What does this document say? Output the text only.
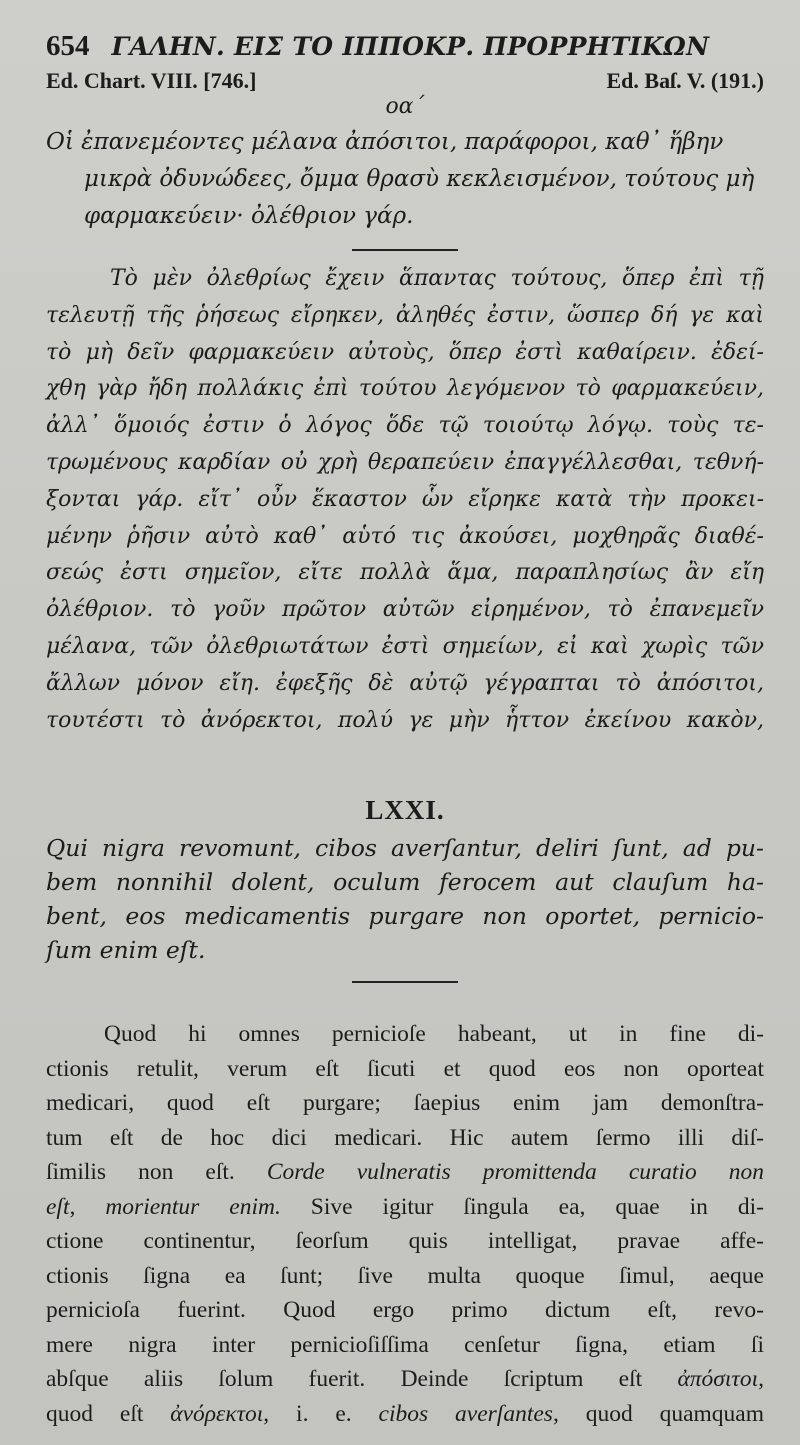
654 ΓΑΛΗΝ. ΕΙΣ ΤΟ ΙΠΠΟΚΡ. ΠΡΟΡΡΗΤΙΚΩΝ
Ed. Chart. VIII. [746.]	Ed. Baſ. V. (191.)
οα΄
Οἱ ἐπανεμέοντες μέλανα ἀπόσιτοι, παράφοροι, καθ᾽ ἥβην
μικρὰ ὀδυνώδεες, ὄμμα θρασὺ κεκλεισμένον, τούτους μὴ
φαρμακεύειν· ὀλέθριον γάρ.
Τὸ μὲν ὀλεθρίως ἔχειν ἅπαντας τούτους, ὅπερ ἐπὶ τῇ
τελευτῇ τῆς ῥήσεως εἴρηκεν, ἀληθές ἐστιν, ὥσπερ δή γε καὶ
τὸ μὴ δεῖν φαρμακεύειν αὐτοὺς, ὅπερ ἐστὶ καθαίρειν. ἐδεί-
χθη γὰρ ἤδη πολλάκις ἐπὶ τούτου λεγόμενον τὸ φαρμακεύειν,
ἀλλ᾽ ὅμοιός ἐστιν ὁ λόγος ὅδε τῷ τοιούτῳ λόγῳ. τοὺς τε-
τρωμένους καρδίαν οὐ χρὴ θεραπεύειν ἐπαγγέλλεσθαι, τεθνή-
ξονται γάρ. εἴτ᾽ οὖν ἕκαστον ὧν εἴρηκε κατὰ τὴν προκει-
μένην ῥῆσιν αὐτὸ καθ᾽ αὑτό τις ἀκούσει, μοχθηρᾶς διαθέ-
σεώς ἐστι σημεῖον, εἴτε πολλὰ ἅμα, παραπλησίως ἂν εἴη
ὀλέθριον. τὸ γοῦν πρῶτον αὐτῶν εἰρημένον, τὸ ἐπανεμεῖν
μέλανα, τῶν ὀλεθριωτάτων ἐστὶ σημείων, εἰ καὶ χωρὶς τῶν
ἄλλων μόνον εἴη. ἐφεξῆς δὲ αὐτῷ γέγραπται τὸ ἀπόσιτοι,
τουτέστι τὸ ἀνόρεκτοι, πολύ γε μὴν ἧττον ἐκείνου κακὸν,
LXXI.
Qui nigra revomunt, cibos averſantur, deliri ſunt, ad pu-
bem nonnihil dolent, oculum ferocem aut clauſum ha-
bent, eos medicamentis purgare non oportet, pernicio-
ſum enim eſt.
Quod hi omnes pernicioſe habeant, ut in fine di-
ctionis retulit, verum eſt ſicuti et quod eos non oporteat
medicari, quod eſt purgare; ſaepius enim jam demonſtra-
tum eſt de hoc dici medicari. Hic autem ſermo illi diſ-
ſimilis non eſt. Corde vulneratis promittenda curatio non
eſt, morientur enim. Sive igitur ſingula ea, quae in di-
ctione continentur, ſeorſum quis intelligat, pravae affe-
ctionis ſigna ea ſunt; ſive multa quoque ſimul, aeque
pernicioſa fuerint. Quod ergo primo dictum eſt, revo-
mere nigra inter pernicioſiſſima cenſetur ſigna, etiam ſi
abſque aliis ſolum fuerit. Deinde ſcriptum eſt ἀπόσιτοι,
quod eſt ἀνόρεκτοι, i. e. cibos averſantes, quod quamquam
